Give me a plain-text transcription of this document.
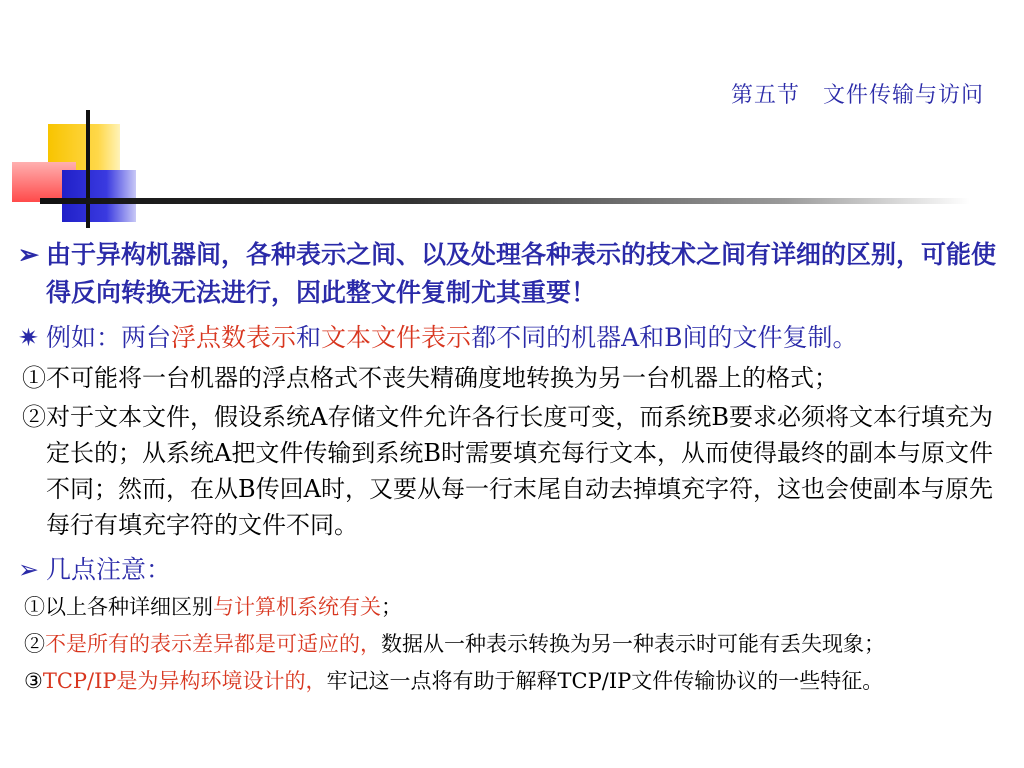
第五节　文件传输与访问

➢ 由于异构机器间，各种表示之间、以及处理各种表示的技术之间有详细的区别，可能使得反向转换无法进行，因此整文件复制尤其重要！

✷ 例如：两台浮点数表示和文本文件表示都不同的机器A和B间的文件复制。

①不可能将一台机器的浮点格式不丧失精确度地转换为另一台机器上的格式；

②对于文本文件，假设系统A存储文件允许各行长度可变，而系统B要求必须将文本行填充为定长的；从系统A把文件传输到系统B时需要填充每行文本，从而使得最终的副本与原文件不同；然而，在从B传回A时，又要从每一行末尾自动去掉填充字符，这也会使副本与原先每行有填充字符的文件不同。

➢ 几点注意：

①以上各种详细区别与计算机系统有关；

②不是所有的表示差异都是可适应的，数据从一种表示转换为另一种表示时可能有丢失现象；

③TCP/IP是为异构环境设计的，牢记这一点将有助于解释TCP/IP文件传输协议的一些特征。
